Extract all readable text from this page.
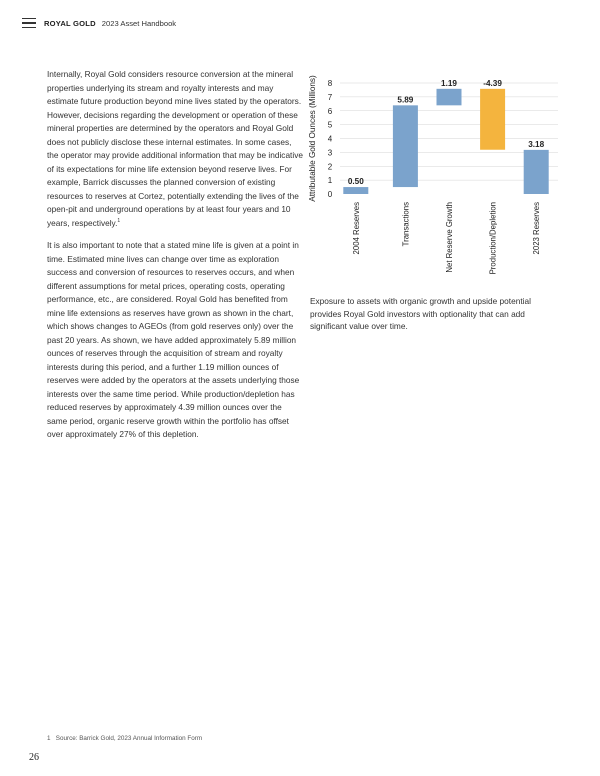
ROYAL GOLD 2023 Asset Handbook

Internally, Royal Gold considers resource conversion at the mineral properties underlying its stream and royalty interests and may estimate future production beyond mine lives stated by the operators. However, decisions regarding the development or operation of these mineral properties are determined by the operators and Royal Gold does not publicly disclose these internal estimates. In some cases, the operator may provide additional information that may be indicative of its expectations for mine life extension beyond reserve lives. For example, Barrick discusses the planned conversion of existing resources to reserves at Cortez, potentially extending the lives of the open-pit and underground operations by at least four years and 10 years, respectively.$^1$

It is also important to note that a stated mine life is given at a point in time. Estimated mine lives can change over time as exploration success and conversion of resources to reserves occurs, and when different assumptions for metal prices, operating costs, operating performance, etc., are considered. Royal Gold has benefited from mine life extensions as reserves have grown as shown in the chart, which shows changes to AGEOs (from gold reserves only) over the past 20 years. As shown, we have added approximately 5.89 million ounces of reserves through the acquisition of stream and royalty interests during this period, and a further 1.19 million ounces of reserves were added by the operators at the assets underlying those interests over the same time period. While production/depletion has reduced reserves by approximately 4.39 million ounces over the same period, organic reserve growth within the portfolio has offset over approximately 27% of this depletion.

Attributable Gold Ounces (Millions) 0
1
2
3
4
5
6
7
8
0.50
2004 Reserves
5.89
Transactions
1.19
Net Reserve Growth
-4.39
Production/Depletion
3.18
2023 Reserves
Exposure to assets with organic growth and upside potential provides Royal Gold investors with optionality that can add significant value over time.
1 Source: Barrick Gold, 2023 Annual Information Form
26
